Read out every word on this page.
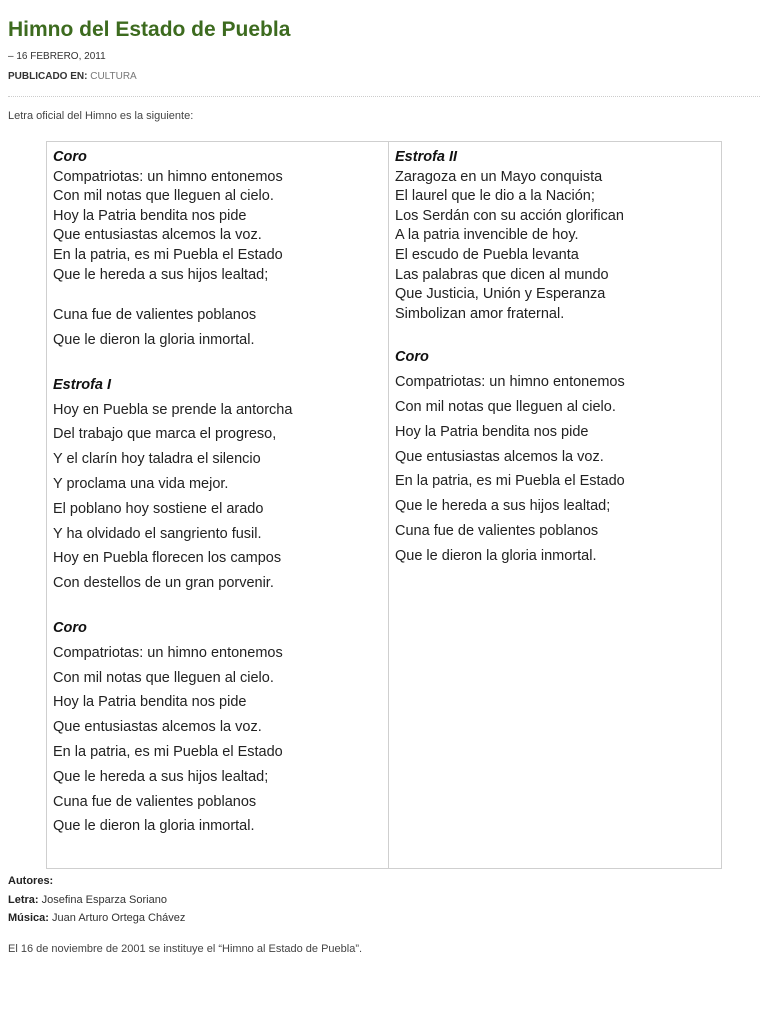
Himno del Estado de Puebla
– 16 FEBRERO, 2011
PUBLICADO EN: CULTURA
Letra oficial del Himno es la siguiente:
Coro
Compatriotas: un himno entonemos
Con mil notas que lleguen al cielo.
Hoy la Patria bendita nos pide
Que entusiastas alcemos la voz.
En la patria, es mi Puebla el Estado
Que le hereda a sus hijos lealtad;
Cuna fue de valientes poblanos
Que le dieron la gloria inmortal.
Estrofa I
Hoy en Puebla se prende la antorcha
Del trabajo que marca el progreso,
Y el clarín hoy taladra el silencio
Y proclama una vida mejor.
El poblano hoy sostiene el arado
Y ha olvidado el sangriento fusil.
Hoy en Puebla florecen los campos
Con destellos de un gran porvenir.
Coro
Compatriotas: un himno entonemos
Con mil notas que lleguen al cielo.
Hoy la Patria bendita nos pide
Que entusiastas alcemos la voz.
En la patria, es mi Puebla el Estado
Que le hereda a sus hijos lealtad;
Cuna fue de valientes poblanos
Que le dieron la gloria inmortal.
Estrofa II
Zaragoza en un Mayo conquista
El laurel que le dio a la Nación;
Los Serdán con su acción glorifican
A la patria invencible de hoy.
El escudo de Puebla levanta
Las palabras que dicen al mundo
Que Justicia, Unión y Esperanza
Simbolizan amor fraternal.
Coro
Compatriotas: un himno entonemos
Con mil notas que lleguen al cielo.
Hoy la Patria bendita nos pide
Que entusiastas alcemos la voz.
En la patria, es mi Puebla el Estado
Que le hereda a sus hijos lealtad;
Cuna fue de valientes poblanos
Que le dieron la gloria inmortal.
Autores:
Letra: Josefina Esparza Soriano
Música: Juan Arturo Ortega Chávez
El 16 de noviembre de 2001 se instituye el “Himno al Estado de Puebla”.
